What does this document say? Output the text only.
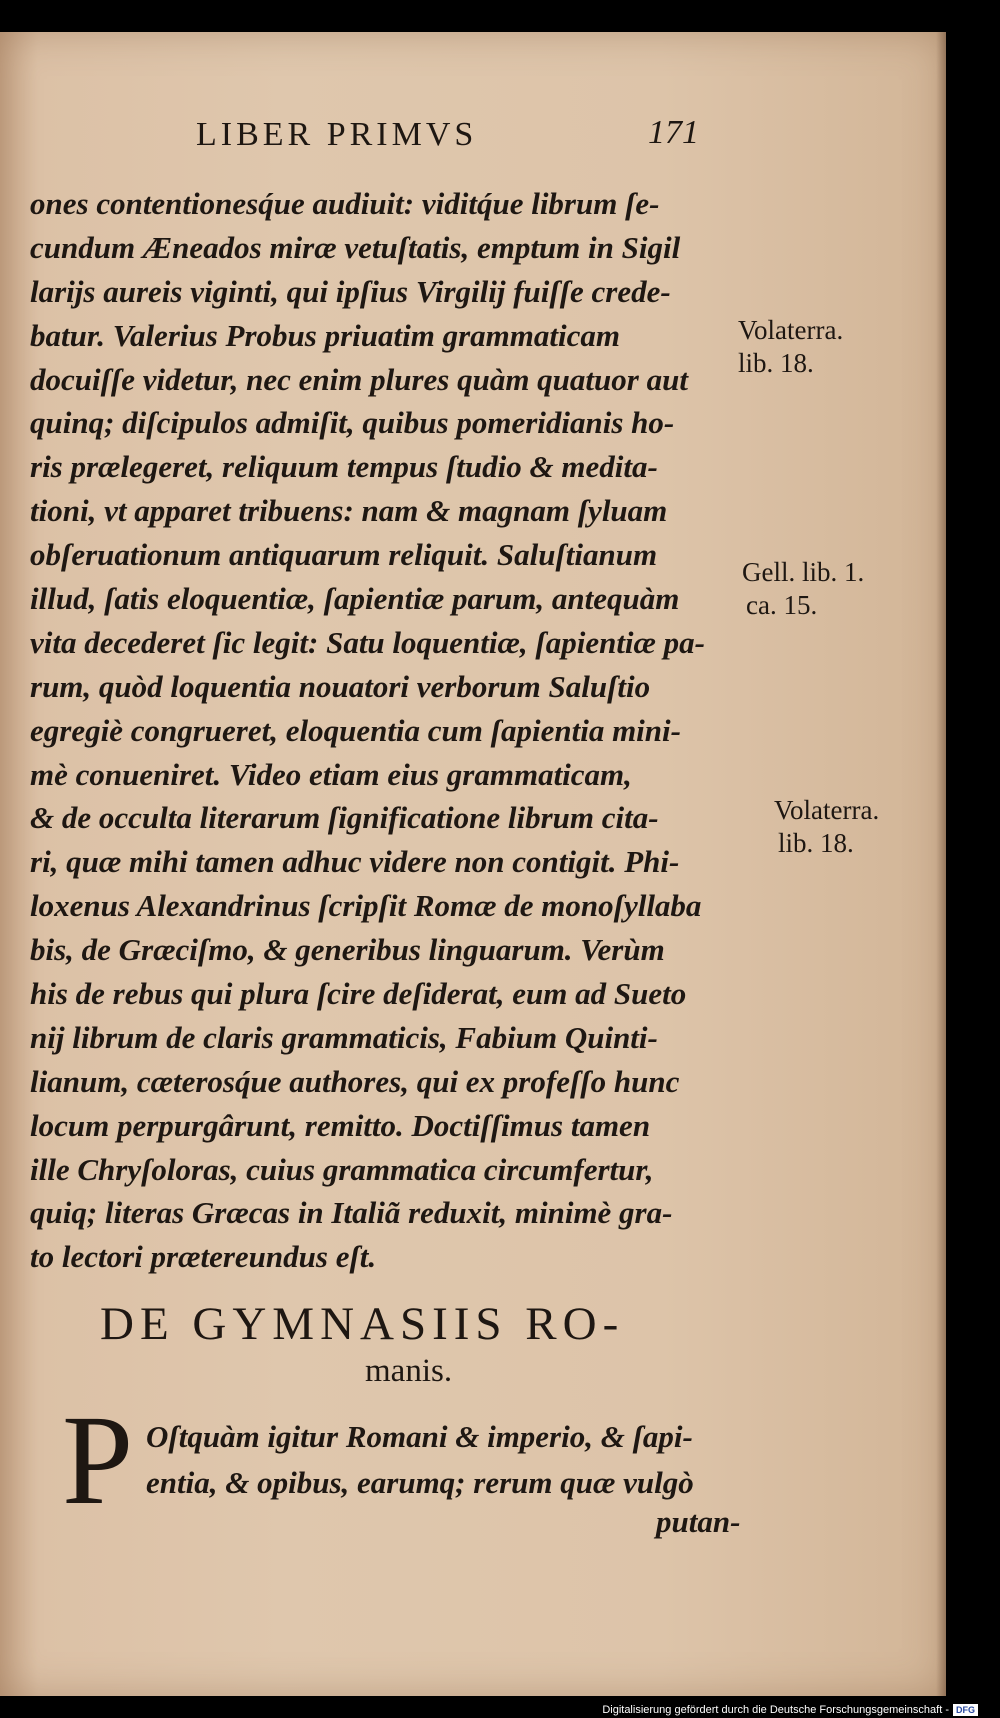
LIBER PRIMVS	171
ones contentionesq́ue audiuit: viditq́ue librum ſe-
cundum Æneados miræ vetuſtatis, emptum in Sigil
larijs aureis viginti, qui ipſius Virgilij fuiſſe crede-
batur. Valerius Probus priuatim grammaticam
docuiſſe videtur, nec enim plures quàm quatuor aut
quinq; diſcipulos admiſit, quibus pomeridianis ho-
ris prælegeret, reliquum tempus ſtudio & medita-
tioni, vt apparet tribuens: nam & magnam ſyluam
obſeruationum antiquarum reliquit. Saluſtianum
illud, ſatis eloquentiæ, ſapientiæ parum, antequàm
vita decederet ſic legit: Satu loquentiæ, ſapientiæ pa-
rum, quòd loquentia nouatori verborum Saluſtio
egregiè congrueret, eloquentia cum ſapientia mini-
mè conueniret. Video etiam eius grammaticam,
& de occulta literarum ſignificatione librum cita-
ri, quæ mihi tamen adhuc videre non contigit. Phi-
loxenus Alexandrinus ſcripſit Romæ de monoſyllaba
bis, de Græciſmo, & generibus linguarum. Verùm
his de rebus qui plura ſcire deſiderat, eum ad Sueto
nij librum de claris grammaticis, Fabium Quinti-
lianum, cæterosq́ue authores, qui ex profeſſo hunc
locum perpurgârunt, remitto. Doctiſſimus tamen
ille Chryſoloras, cuius grammatica circumfertur,
quiq; literas Græcas in Italiã reduxit, minimè gra-
to lectori prætereundus eſt.
Volaterra.
lib. 18.
Gell. lib. 1.
ca. 15.
Volaterra.
lib. 18.
DE GYMNASIIS RO-
manis.
P Oſtquàm igitur Romani & imperio, & ſapi-
entia, & opibus, earumq; rerum quæ vulgò
putan-
Digitalisierung gefördert durch die Deutsche Forschungsgemeinschaft - DFG
